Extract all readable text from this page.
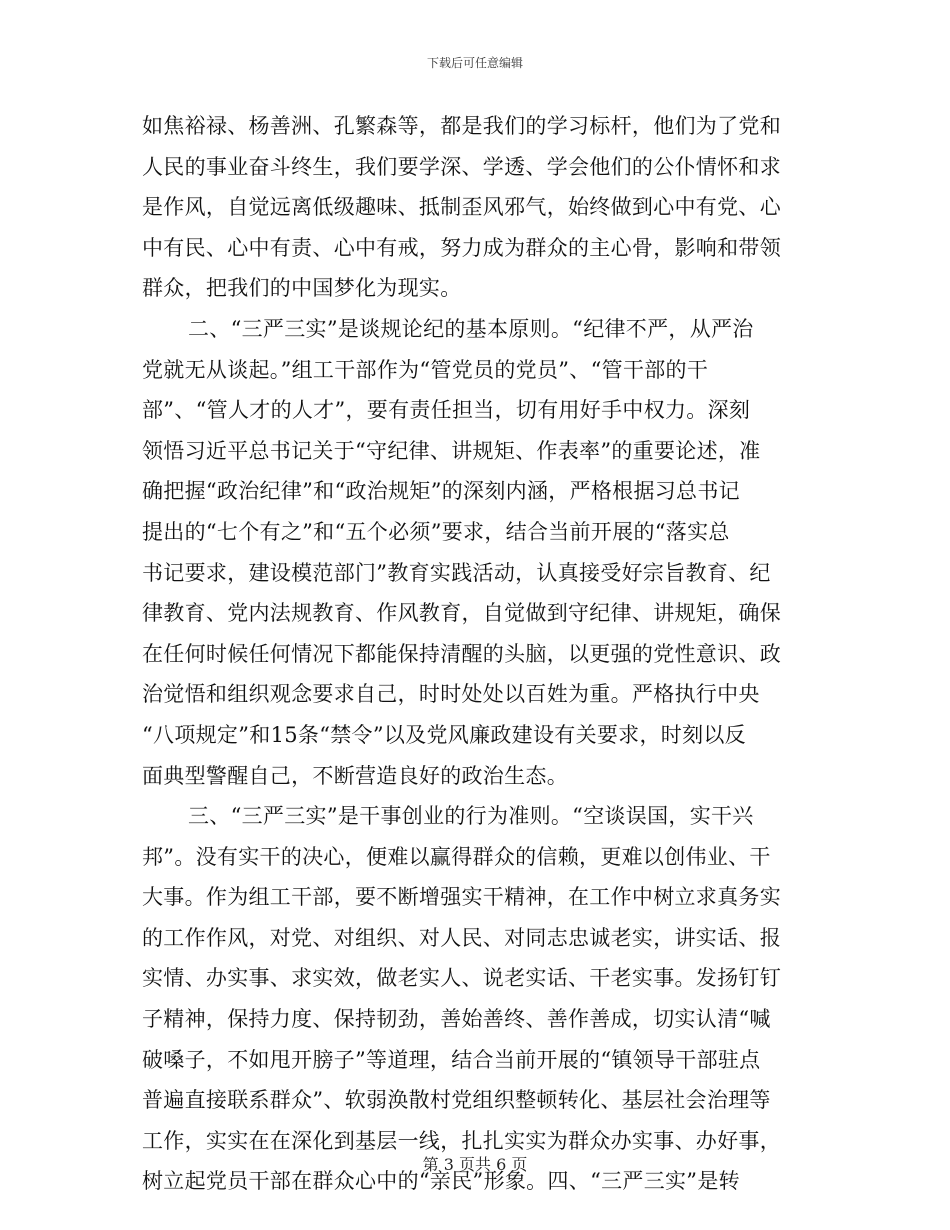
下载后可任意编辑
如焦裕禄、杨善洲、孔繁森等，都是我们的学习标杆，他们为了党和
人民的事业奋斗终生，我们要学深、学透、学会他们的公仆情怀和求
是作风，自觉远离低级趣味、抵制歪风邪气，始终做到心中有党、心
中有民、心中有责、心中有戒，努力成为群众的主心骨，影响和带领
群众，把我们的中国梦化为现实。
二、“三严三实”是谈规论纪的基本原则。“纪律不严，从严治
党就无从谈起。”组工干部作为“管党员的党员”、“管干部的干
部”、“管人才的人才”，要有责任担当，切有用好手中权力。深刻
领悟习近平总书记关于“守纪律、讲规矩、作表率”的重要论述，准
确把握“政治纪律”和“政治规矩”的深刻内涵，严格根据习总书记
提出的“七个有之”和“五个必须”要求，结合当前开展的“落实总
书记要求，建设模范部门”教育实践活动，认真接受好宗旨教育、纪
律教育、党内法规教育、作风教育，自觉做到守纪律、讲规矩，确保
在任何时候任何情况下都能保持清醒的头脑，以更强的党性意识、政
治觉悟和组织观念要求自己，时时处处以百姓为重。严格执行中央
“八项规定”和15条“禁令”以及党风廉政建设有关要求，时刻以反
面典型警醒自己，不断营造良好的政治生态。
三、“三严三实”是干事创业的行为准则。“空谈误国，实干兴
邦”。没有实干的决心，便难以赢得群众的信赖，更难以创伟业、干
大事。作为组工干部，要不断增强实干精神，在工作中树立求真务实
的工作作风，对党、对组织、对人民、对同志忠诚老实，讲实话、报
实情、办实事、求实效，做老实人、说老实话、干老实事。发扬钉钉
子精神，保持力度、保持韧劲，善始善终、善作善成，切实认清“喊
破嗓子，不如甩开膀子”等道理，结合当前开展的“镇领导干部驻点
普遍直接联系群众”、软弱涣散村党组织整顿转化、基层社会治理等
工作，实实在在深化到基层一线，扎扎实实为群众办实事、办好事，
树立起党员干部在群众心中的“亲民”形象。四、“三严三实”是转
第 3 页共 6 页
